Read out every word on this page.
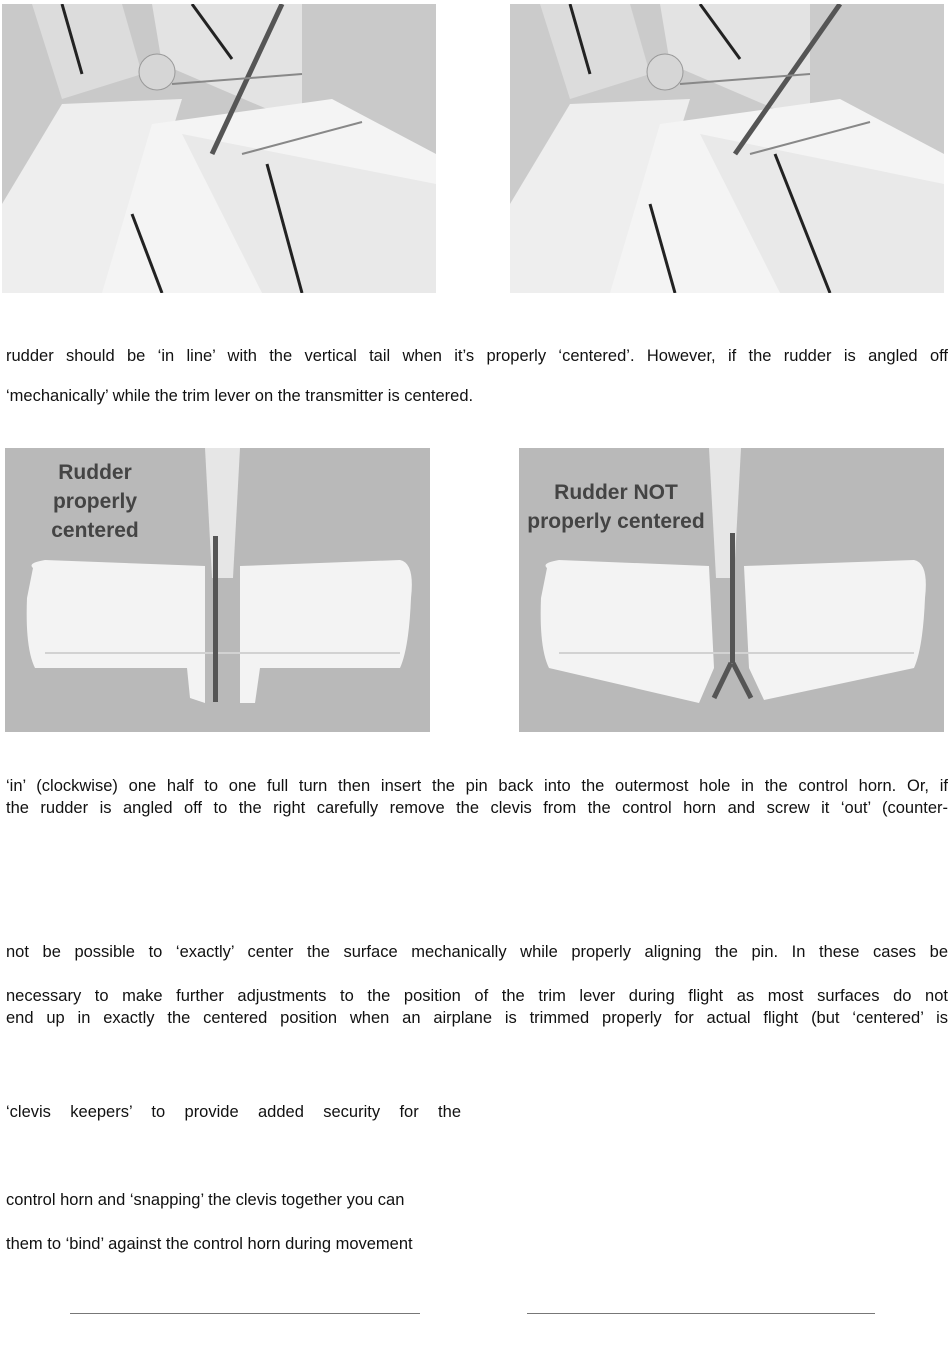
rudder should be ‘in line’ with the vertical tail when it’s properly ‘centered’. However, if the rudder is angled off
‘mechanically’ while the trim lever on the transmitter is centered.
Rudder
properly
centered
Rudder NOT
properly centered
‘in’ (clockwise) one half to one full turn then insert the pin back into the outermost hole in the control horn. Or, if
the rudder is angled off to the right carefully remove the clevis from the control horn and screw it ‘out’ (counter-
not be possible to ‘exactly’ center the surface mechanically while properly aligning the pin. In these cases be
necessary to make further adjustments to the position of the trim lever during flight as most surfaces do not
end up in exactly the centered position when an airplane is trimmed properly for actual flight (but ‘centered’ is
‘clevis keepers’ to provide added security for the
control horn and ‘snapping’ the clevis together you can
them to ‘bind’ against the control horn during movement
